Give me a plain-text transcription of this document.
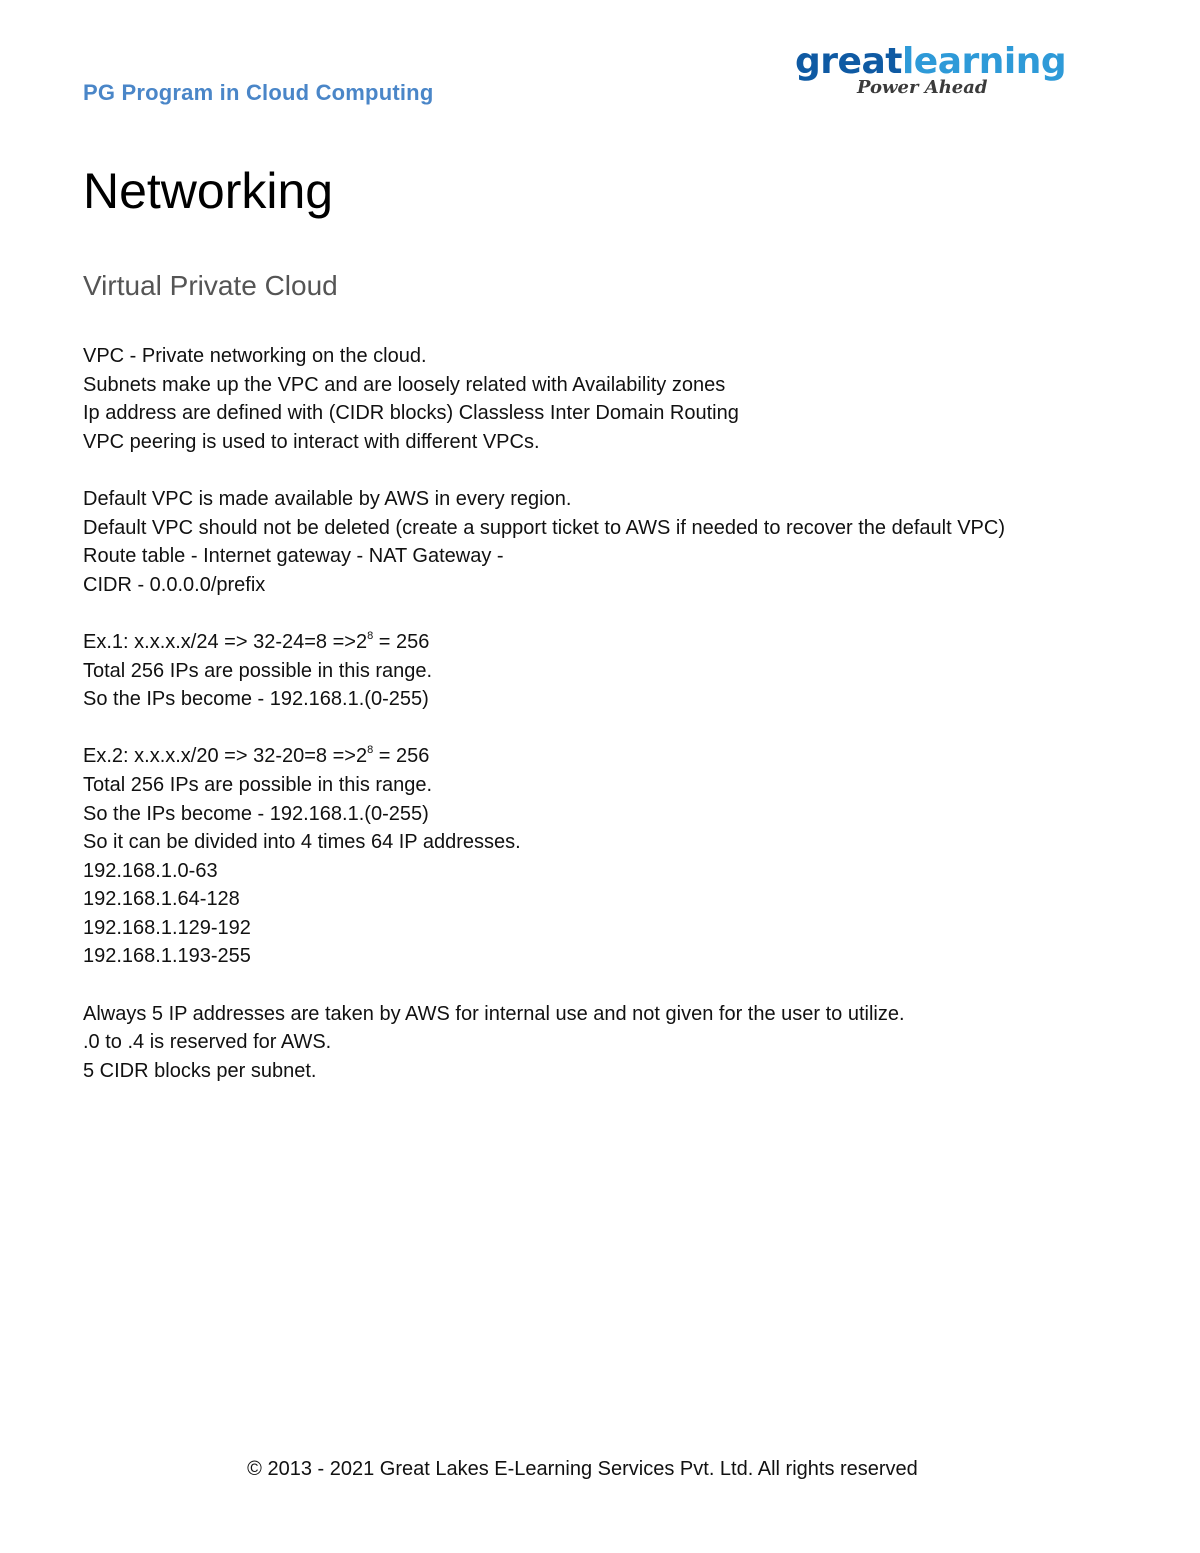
PG Program in Cloud Computing
greatlearning
Power Ahead
Networking
Virtual Private Cloud
VPC - Private networking on the cloud.
Subnets make up the VPC and are loosely related with Availability zones
Ip address are defined with (CIDR blocks) Classless Inter Domain Routing
VPC peering is used to interact with different VPCs.
Default VPC is made available by AWS in every region.
Default VPC should not be deleted (create a support ticket to AWS if needed to recover the default VPC)
Route table - Internet gateway - NAT Gateway -
CIDR - 0.0.0.0/prefix
Ex.1: $x.x.x.x/24 => 32-24=8 =>2^8 = 256$
Total 256 IPs are possible in this range.
So the IPs become - 192.168.1.(0-255)
Ex.2: $x.x.x.x/20 => 32-20=8 =>2^8 = 256$
Total 256 IPs are possible in this range.
So the IPs become - 192.168.1.(0-255)
So it can be divided into 4 times 64 IP addresses.
192.168.1.0-63
192.168.1.64-128
192.168.1.129-192
192.168.1.193-255
Always 5 IP addresses are taken by AWS for internal use and not given for the user to utilize.
.0 to .4 is reserved for AWS.
5 CIDR blocks per subnet.
© 2013 - 2021 Great Lakes E-Learning Services Pvt. Ltd. All rights reserved
